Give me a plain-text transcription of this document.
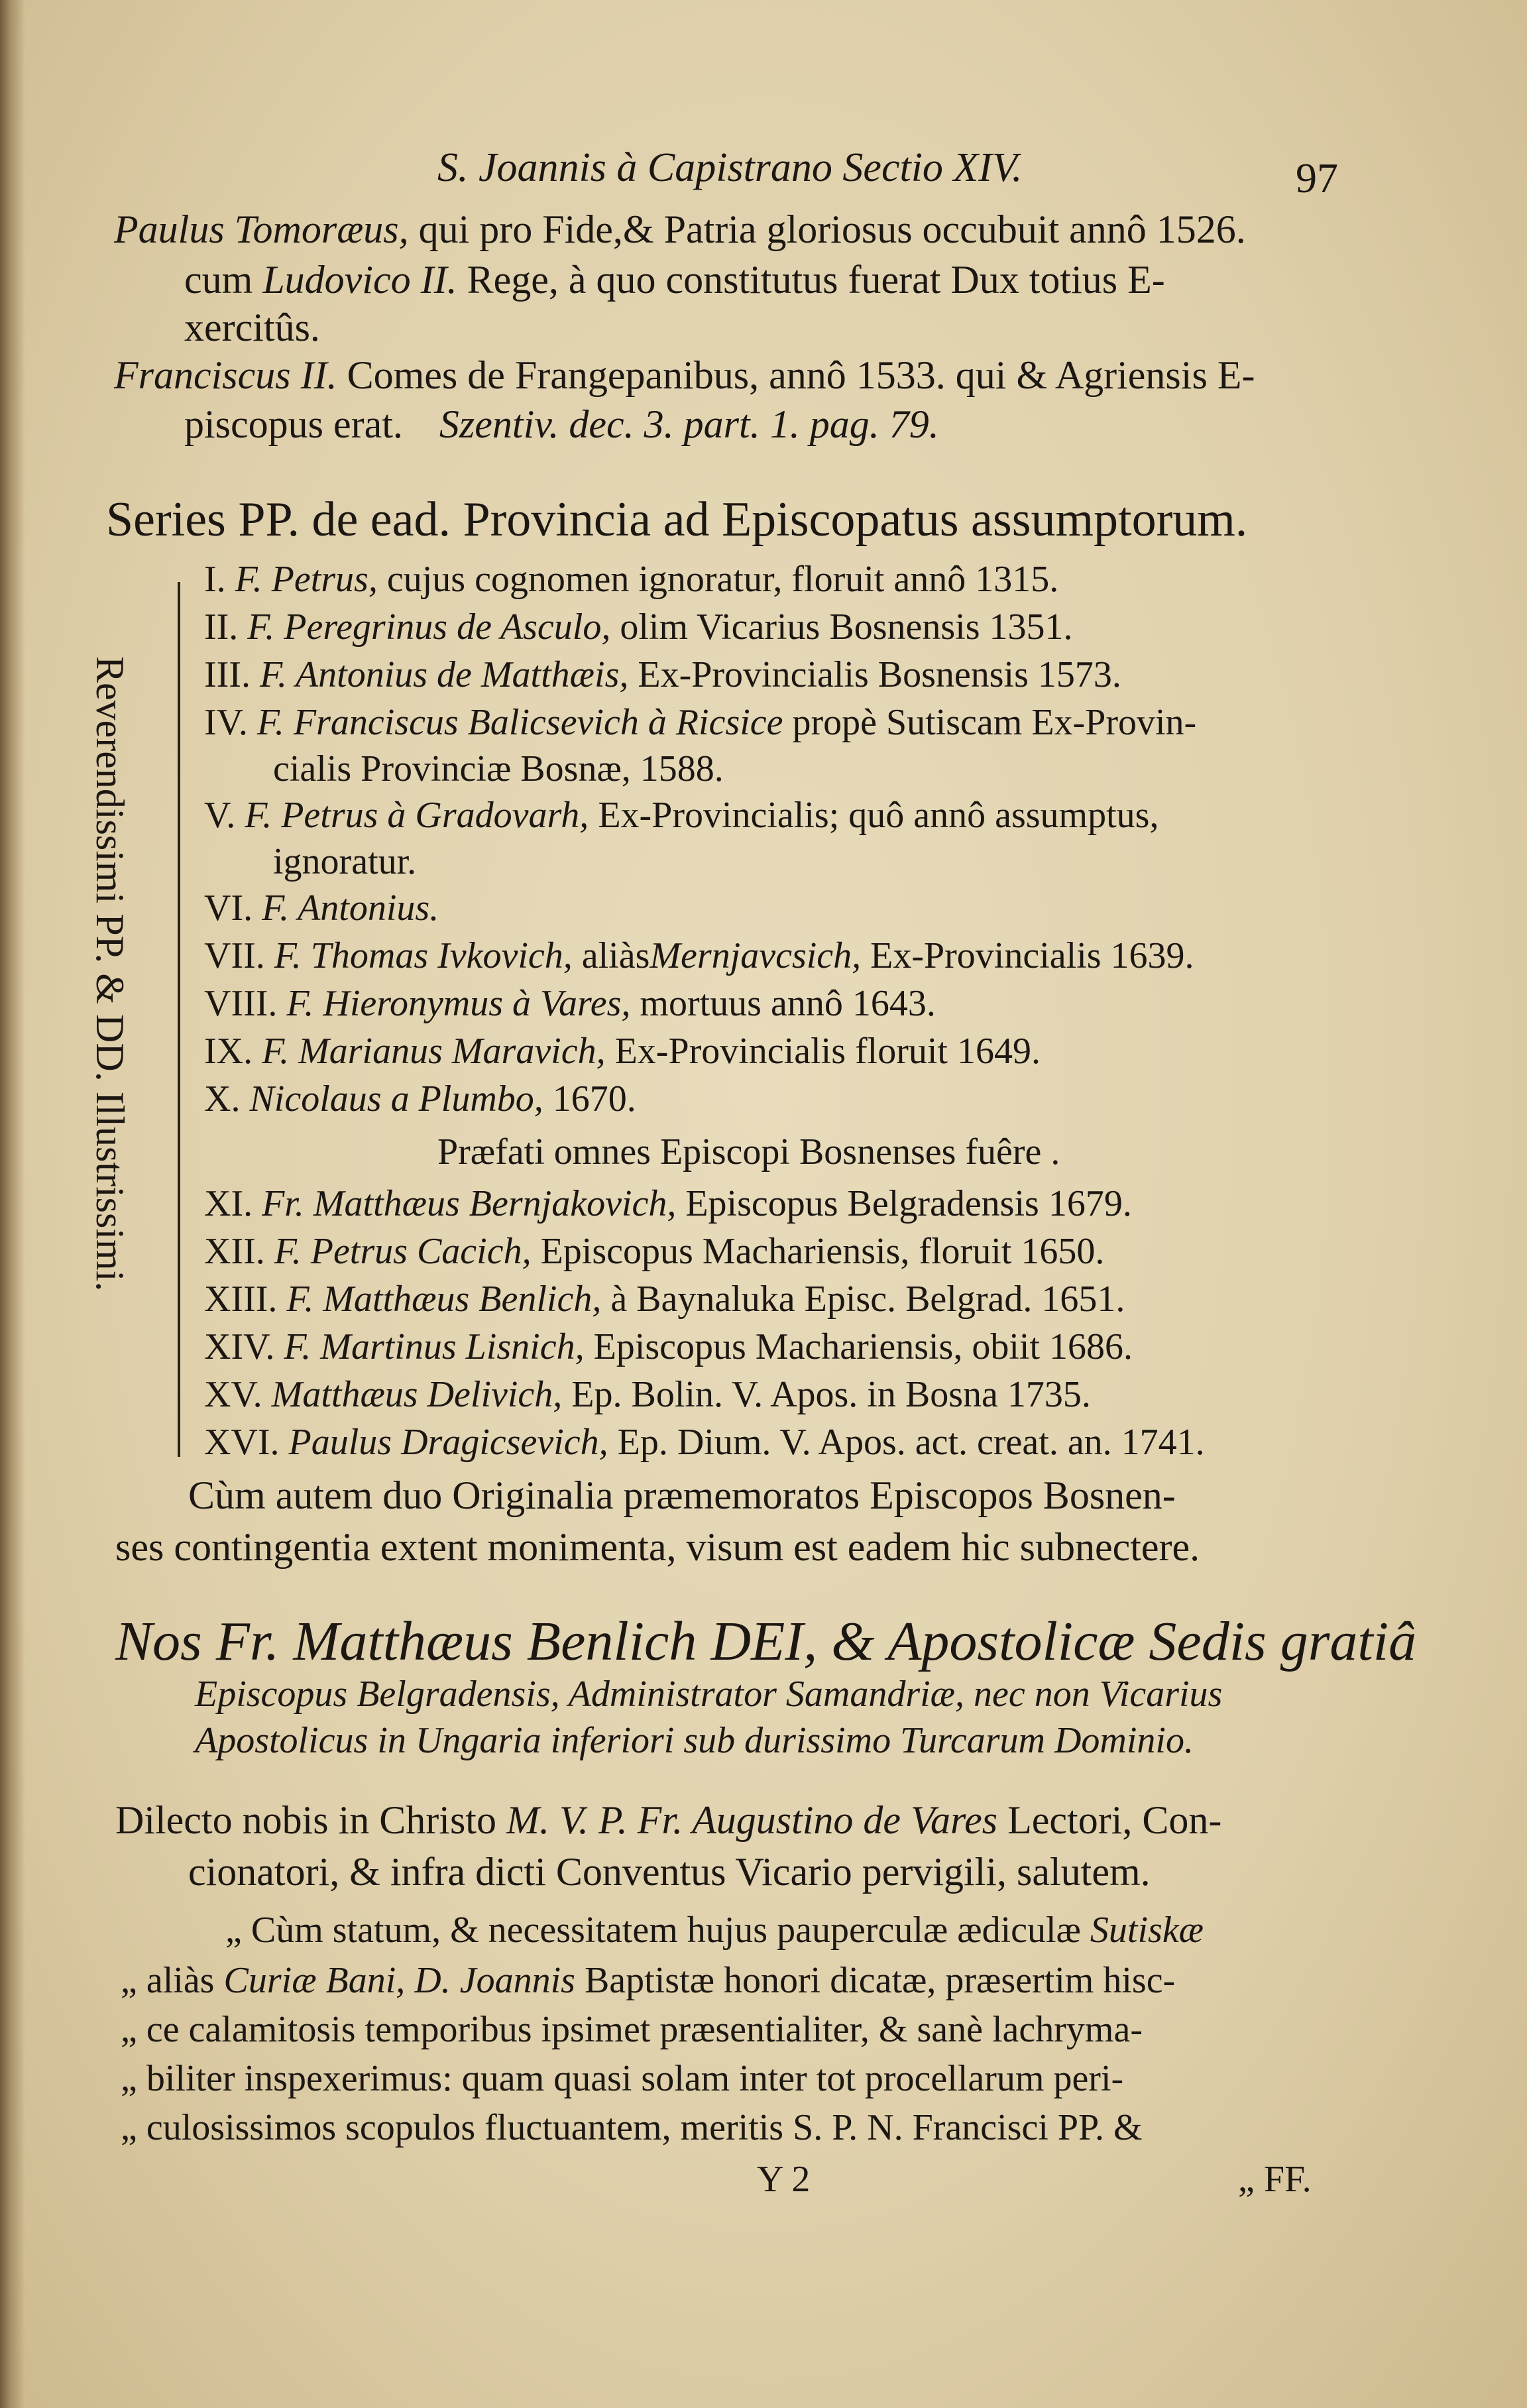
S. Joannis à Capistrano Sectio XIV.	97
Paulus Tomoræus, qui pro Fide,& Patria gloriosus occubuit annô 1526.
cum Ludovico II. Rege, à quo constitutus fuerat Dux totius E-
xercitûs.
Franciscus II. Comes de Frangepanibus, annô 1533. qui & Agriensis E-
piscopus erat. Szentiv. dec. 3. part. 1. pag. 79.
Series PP. de ead. Provincia ad Episcopatus assumptorum.
Reverendissimi PP. & DD. Illustrissimi.
I. F. Petrus, cujus cognomen ignoratur, floruit annô 1315.
II. F. Peregrinus de Asculo, olim Vicarius Bosnensis 1351.
III. F. Antonius de Matthæis, Ex-Provincialis Bosnensis 1573.
IV. F. Franciscus Balicsevich à Ricsice propè Sutiscam Ex-Provin-
cialis Provinciæ Bosnæ, 1588.
V. F. Petrus à Gradovarh, Ex-Provincialis; quô annô assumptus,
ignoratur.
VI. F. Antonius.
VII. F. Thomas Ivkovich, aliàsMernjavcsich, Ex-Provincialis 1639.
VIII. F. Hieronymus à Vares, mortuus annô 1643.
IX. F. Marianus Maravich, Ex-Provincialis floruit 1649.
X. Nicolaus a Plumbo, 1670.
Præfati omnes Episcopi Bosnenses fuêre .
XI. Fr. Matthæus Bernjakovich, Episcopus Belgradensis 1679.
XII. F. Petrus Cacich, Episcopus Machariensis, floruit 1650.
XIII. F. Matthæus Benlich, à Baynaluka Episc. Belgrad. 1651.
XIV. F. Martinus Lisnich, Episcopus Machariensis, obiit 1686.
XV. Matthæus Delivich, Ep. Bolin. V. Apos. in Bosna 1735.
XVI. Paulus Dragicsevich, Ep. Dium. V. Apos. act. creat. an. 1741.
Cùm autem duo Originalia præmemoratos Episcopos Bosnen-
ses contingentia extent monimenta, visum est eadem hic subnectere.
Nos Fr. Matthæus Benlich DEI, & Apostolicæ Sedis gratiâ
Episcopus Belgradensis, Administrator Samandriæ, nec non Vicarius
Apostolicus in Ungaria inferiori sub durissimo Turcarum Dominio.
Dilecto nobis in Christo M. V. P. Fr. Augustino de Vares Lectori, Con-
cionatori, & infra dicti Conventus Vicario pervigili, salutem.
„ Cùm statum, & necessitatem hujus pauperculæ ædiculæ Sutiskæ
„ aliàs Curiæ Bani, D. Joannis Baptistæ honori dicatæ, præsertim hisc-
„ ce calamitosis temporibus ipsimet præsentialiter, & sanè lachryma-
„ biliter inspexerimus: quam quasi solam inter tot procellarum peri-
„ culosissimos scopulos fluctuantem, meritis S. P. N. Francisci PP. &
Y 2	„ FF.
